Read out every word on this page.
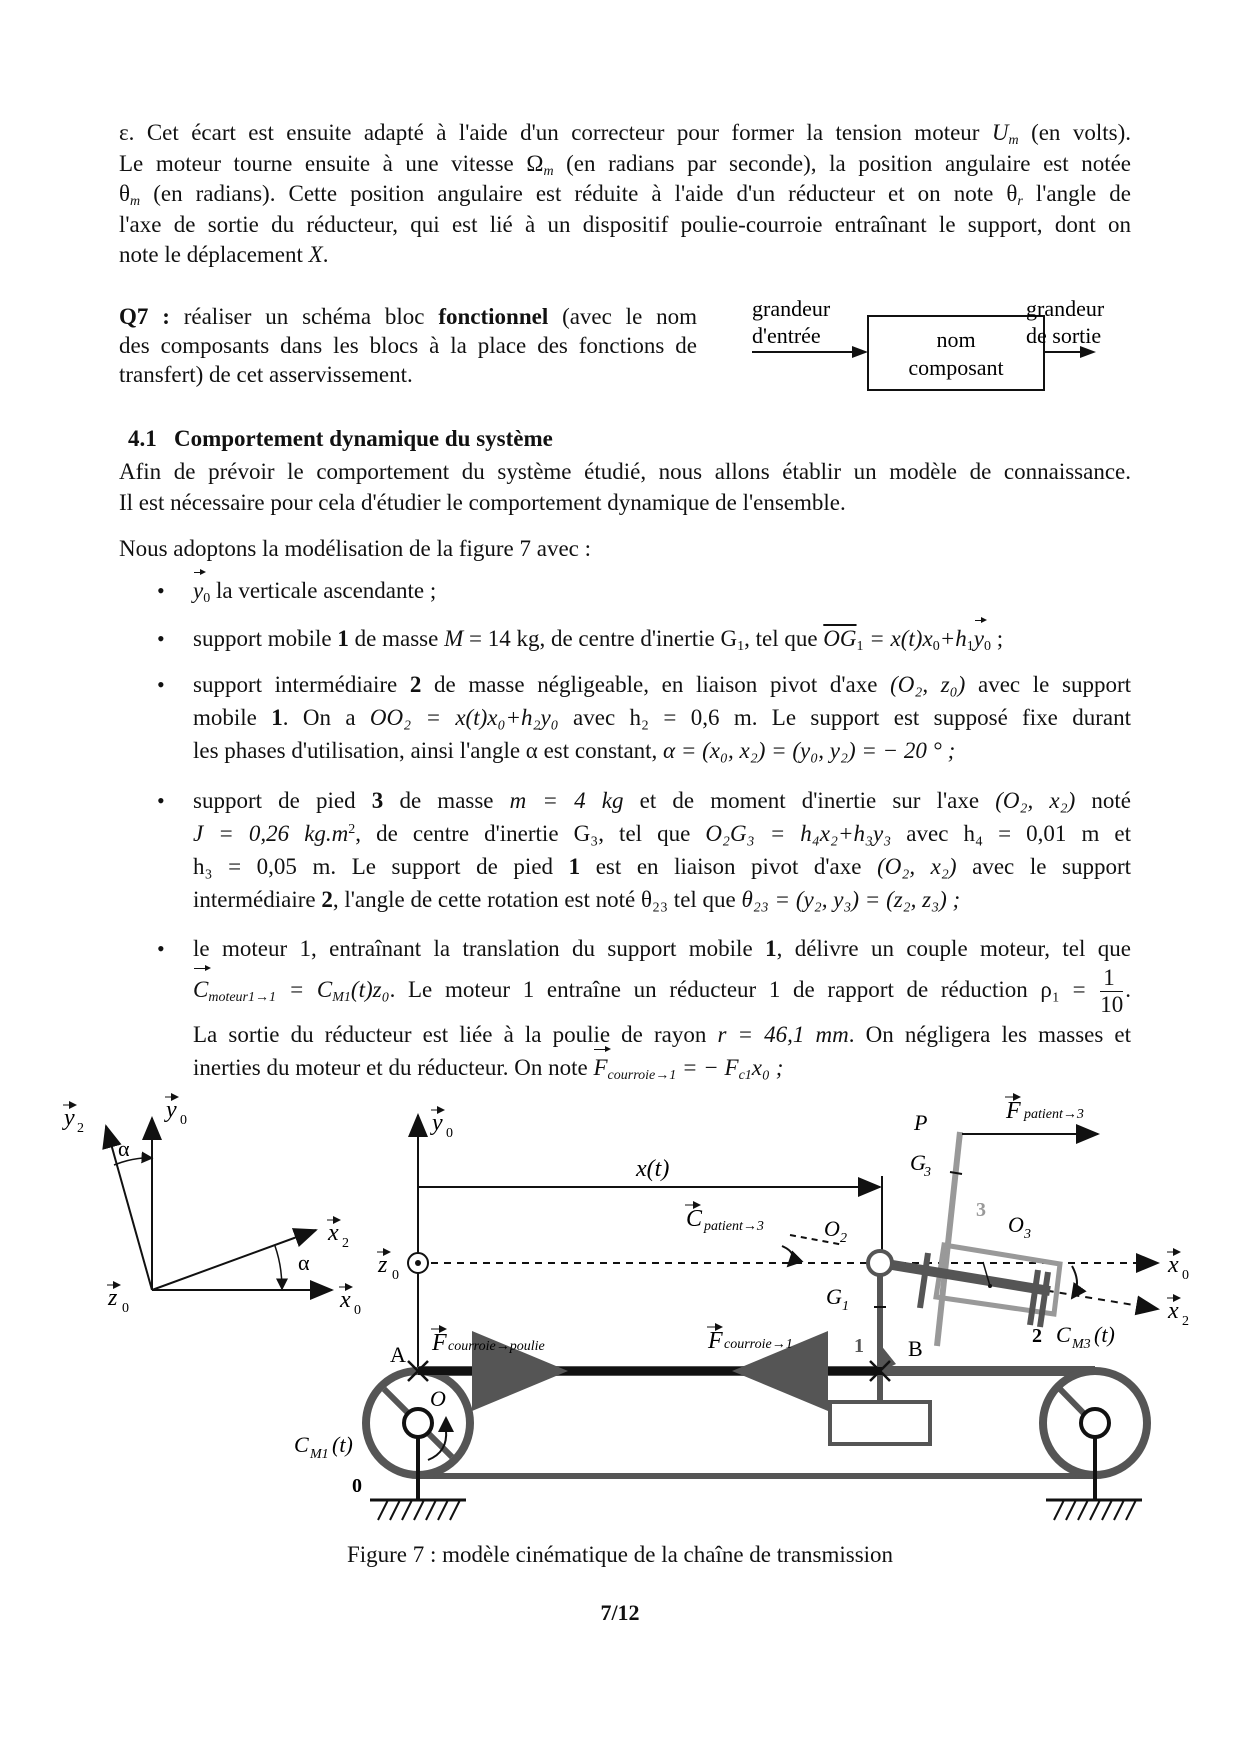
ε. Cet écart est ensuite adapté à l'aide d'un correcteur pour former la tension moteur $U_m$ (en volts).
Le moteur tourne ensuite à une vitesse $\Omega_m$ (en radians par seconde), la position angulaire est notée
$\theta_m$ (en radians). Cette position angulaire est réduite à l'aide d'un réducteur et on note $\theta_r$ l'angle de
l'axe de sortie du réducteur, qui est lié à un dispositif poulie-courroie entraînant le support, dont on
note le déplacement X.
Q7 : réaliser un schéma bloc fonctionnel (avec le nom
des composants dans les blocs à la place des fonctions de
transfert) de cet asservissement.
grandeur
d'entrée	nom
composant
grandeur
de sortie
4.1 Comportement dynamique du système
Afin de prévoir le comportement du système étudié, nous allons établir un modèle de connaissance.
Il est nécessaire pour cela d'étudier le comportement dynamique de l'ensemble.
Nous adoptons la modélisation de la figure 7 avec :
• $y_0$ la verticale ascendante ;
• support mobile 1 de masse M = 14 kg, de centre d'inertie $G_1$, tel que $\overline{OG}_1 = x(t)x_0+h_1y_0$ ;
• support intermédiaire 2 de masse négligeable, en liaison pivot d'axe (O₂, z₀) avec le support
mobile 1. On a OO₂ = x(t)x₀+h₂y₀ avec h₂ = 0,6 m. Le support est supposé fixe durant
les phases d'utilisation, ainsi l'angle α est constant, α = (x₀, x₂) = (y₀, y₂) = − 20 ° ;
• support de pied 3 de masse m = 4 kg et de moment d'inertie sur l'axe (O₂, x₂) noté
J = 0,26 $kg.m^2$, de centre d'inertie G₃, tel que O₂G₃ = h₄x₂+h₃y₃ avec h₄ = 0,01 m et
h₃ = 0,05 m. Le support de pied 1 est en liaison pivot d'axe (O₂, x₂) avec le support
intermédiaire 2, l'angle de cette rotation est noté θ₂₃ tel que θ₂₃ = (y₂, y₃) = (z₂, z₃) ;
• le moteur 1, entraînant la translation du support mobile 1, délivre un couple moteur, tel que
$C_{moteur1\to 1} = C_{M1}(t)z_0$. Le moteur 1 entraîne un réducteur 1 de rapport de réduction $\rho_1 = \frac{1}{10}$ .
La sortie du réducteur est liée à la poulie de rayon r = 46,1 mm. On négligera les masses et
inerties du moteur et du réducteur. On note $F_{courroie\to 1}$ = − $F_{c1}x_0$ ;
y 2
y 0
α
α
x 2
z 0	x 0
y 0
x(t)
z 0	x 0
x 2
3
G
3
P	F patient→3
O 3
C patient→3	O 2
G 1
1 B	2 C M3 (t)
0
A F courroie→poulie	F courroie→1
O
C M1 (t)
Figure 7 : modèle cinématique de la chaîne de transmission
7/12
